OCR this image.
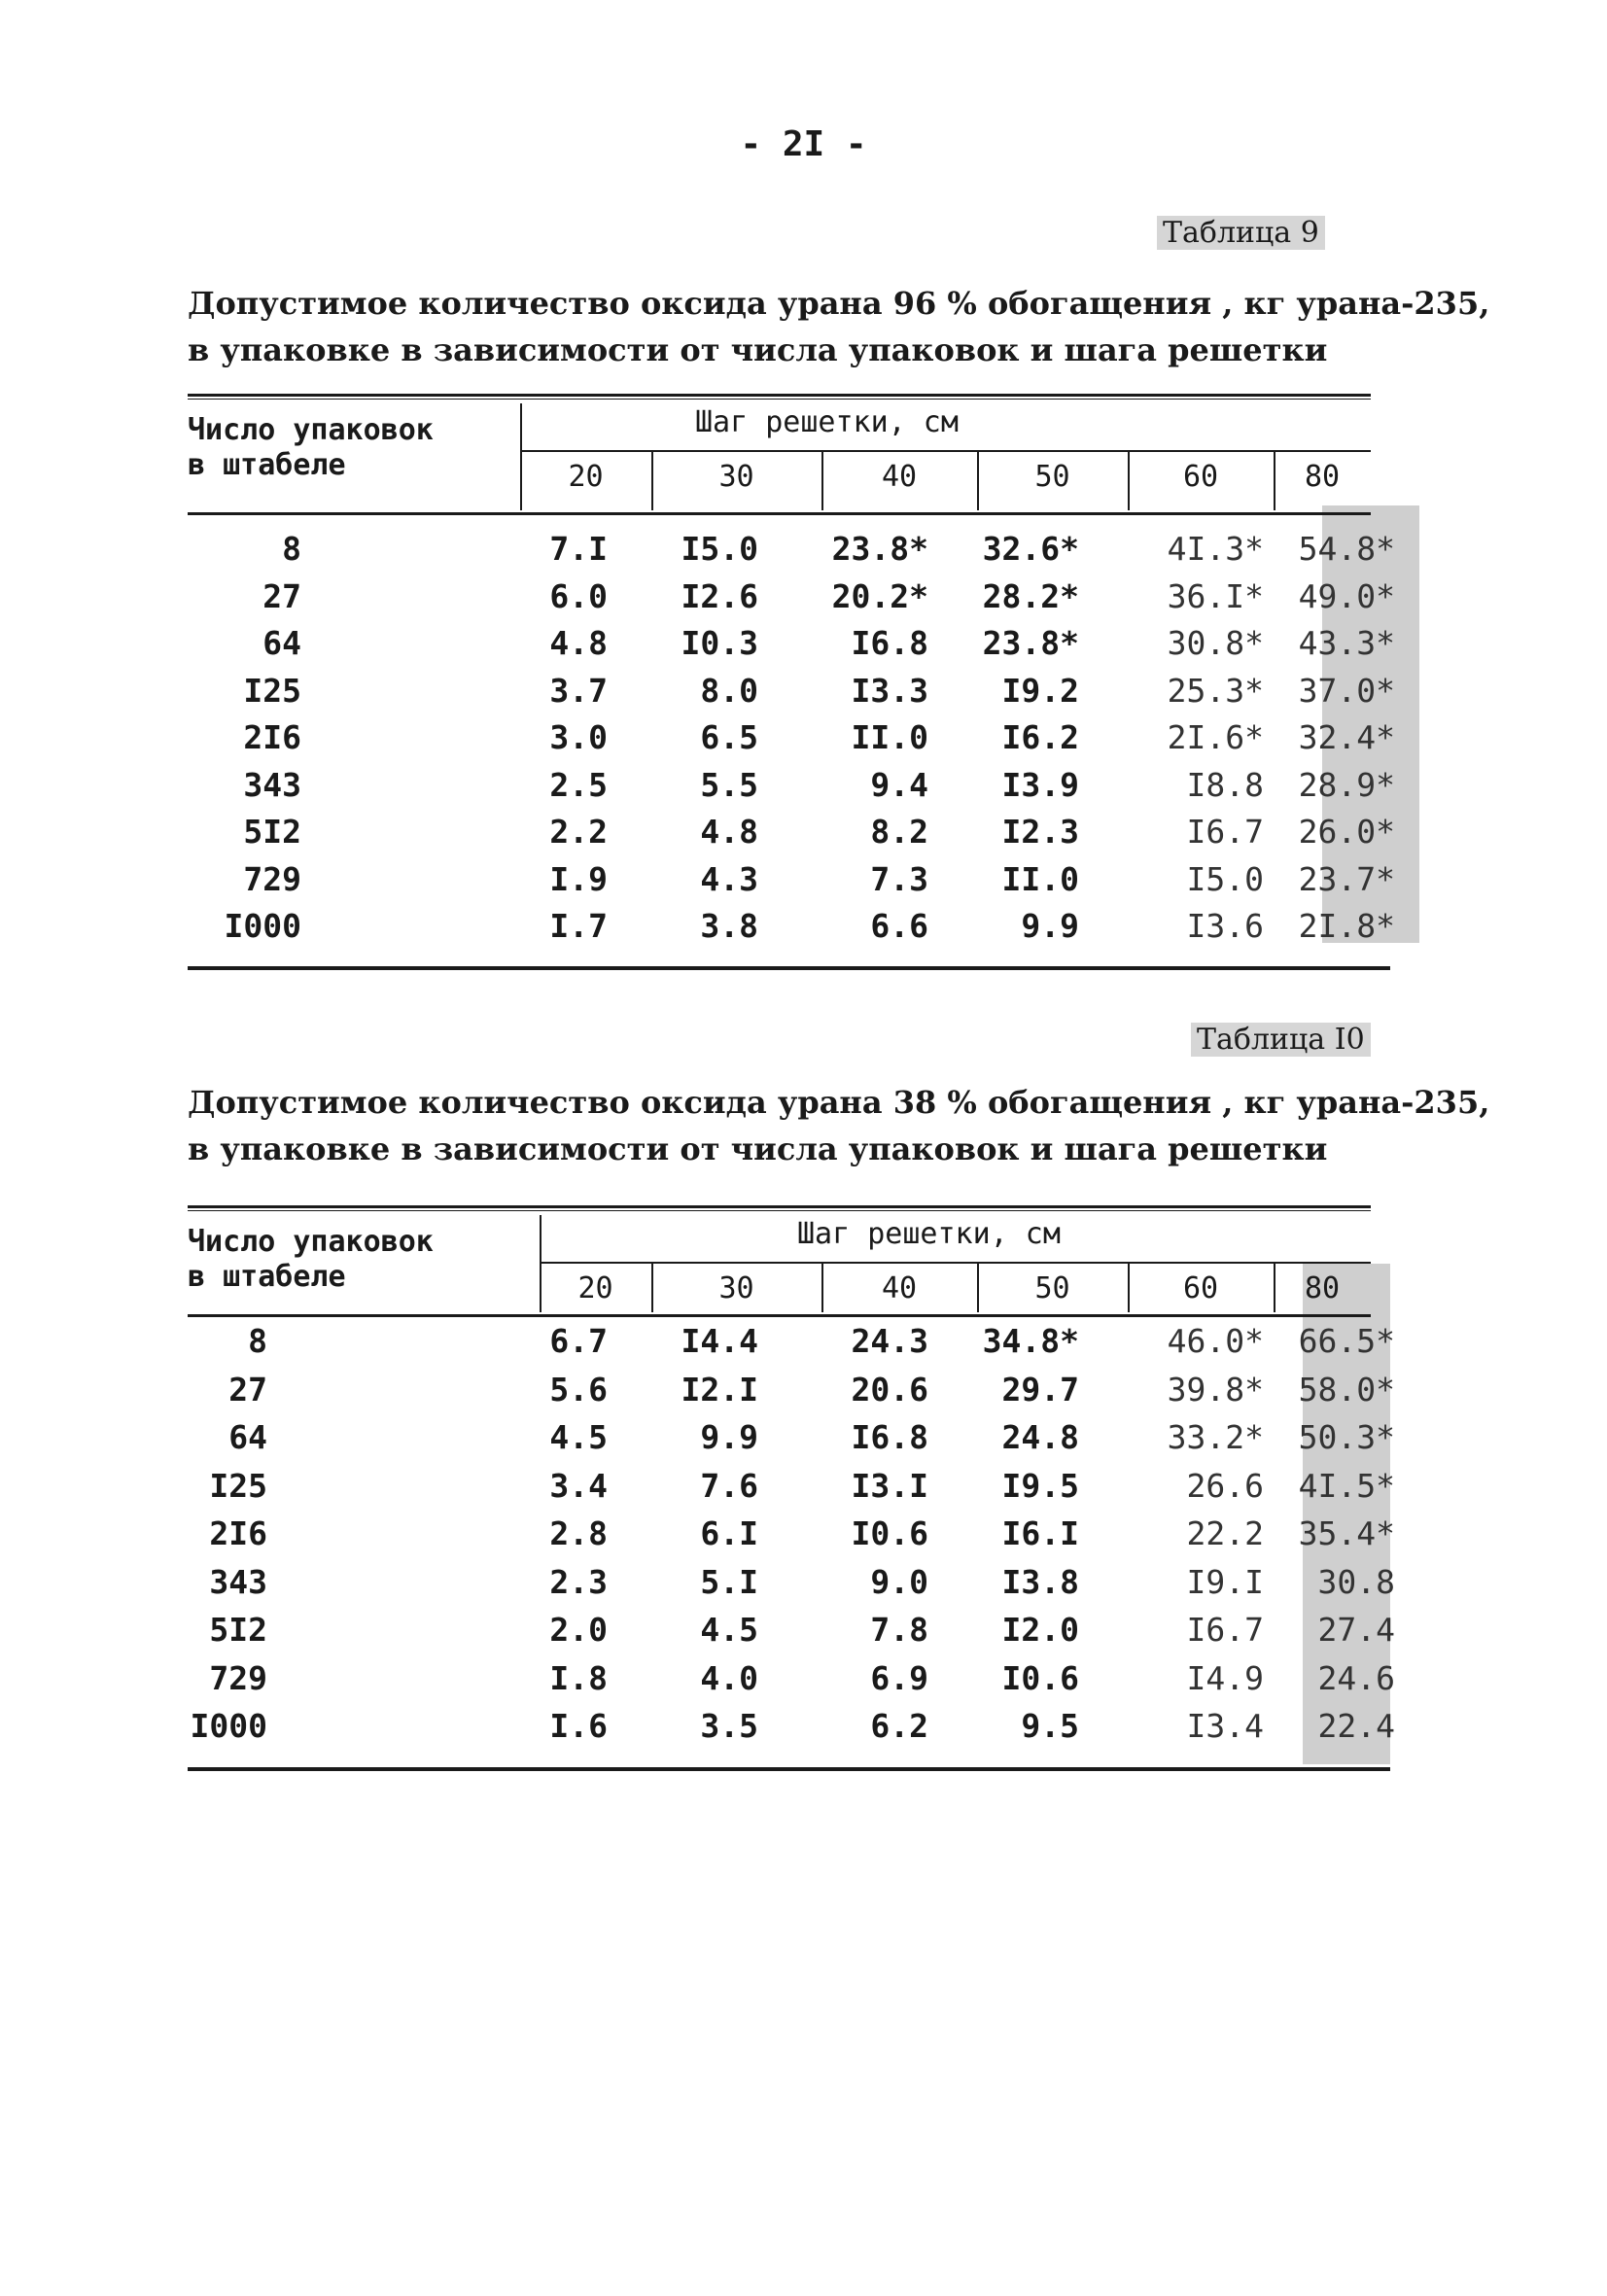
- 2I -
Таблица 9
Допустимое количество оксида урана 96 % обогащения , кг урана-235,
в упаковке в зависимости от числа упаковок и шага решетки
Таблица I0
Допустимое количество оксида урана 38 % обогащения , кг урана-235,
в упаковке в зависимости от числа упаковок и шага решетки
Число упаковок
в штабеле
Шаг решетки, см
20	30	40	50	60	80
8	7.I	I5.0	23.8*	32.6*	4I.3*	54.8*
27	6.0	I2.6	20.2*	28.2*	36.I*	49.0*
64	4.8	I0.3	I6.8	23.8*	30.8*	43.3*
I25	3.7	8.0	I3.3	I9.2	25.3*	37.0*
2I6	3.0	6.5	II.0	I6.2	2I.6*	32.4*
343	2.5	5.5	9.4	I3.9	I8.8	28.9*
5I2	2.2	4.8	8.2	I2.3	I6.7	26.0*
729	I.9	4.3	7.3	II.0	I5.0	23.7*
I000	I.7	3.8	6.6	9.9	I3.6	2I.8*
Число упаковок
в штабеле
Шаг решетки, см
20	30	40	50	60	80
8	6.7	I4.4	24.3	34.8*	46.0*	66.5*
27	5.6	I2.I	20.6	29.7	39.8*	58.0*
64	4.5	9.9	I6.8	24.8	33.2*	50.3*
I25	3.4	7.6	I3.I	I9.5	26.6	4I.5*
2I6	2.8	6.I	I0.6	I6.I	22.2	35.4*
343	2.3	5.I	9.0	I3.8	I9.I	30.8
5I2	2.0	4.5	7.8	I2.0	I6.7	27.4
729	I.8	4.0	6.9	I0.6	I4.9	24.6
I000	I.6	3.5	6.2	9.5	I3.4	22.4
